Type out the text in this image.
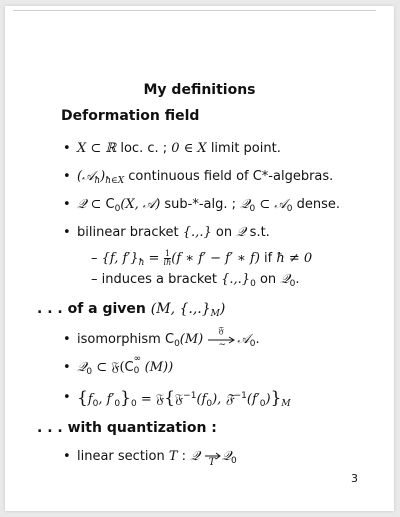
My definitions
Deformation field
• X ⊂ ℝ loc. c. ; 0 ∈ X limit point.
• $(𝒜_ħ)_{ħ\in X}$ continuous field of C*-algebras.
• 𝒬 ⊂ $C_0(X$, 𝒜) sub-*-alg. ; 𝒬$_0$ ⊂ 𝒜$_0$ dense.
• bilinear bracket {.,.} on 𝒬 s.t.
– {f, $f'\}_ħ = \frac{1}{iħ} (f$ ∗ f′ − f′ ∗ f) if ħ ≠ 0
– induces a bracket $\{.,.\}_0$ on 𝒬$_0$.
. . . of a given (M, $\{.,.\}_M$)
• isomorphism $C_0(M)$
𝔉
∼ 𝒜$_0$.
• 𝒬$_0$ ⊂ 𝔉(C
∞
0 (M))
• {$f_0$, $f'_0\}_0$ = $𝔉\{𝔉^{-1}(f_0)$, $𝔉^{-1}(f'_0)\}_M$
. . . with quantization :
• linear section T : 𝒬 T 𝒬$_0$
3
